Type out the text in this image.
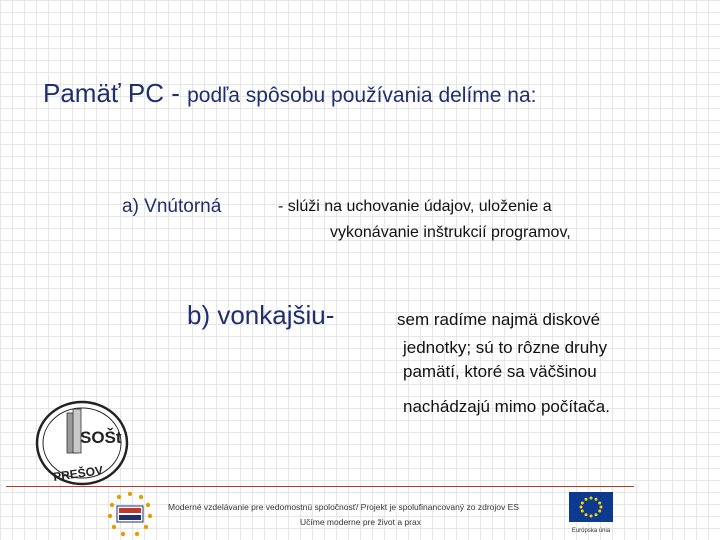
Pamäť PC - podľa spôsobu používania delíme na:
a) Vnútorná	- slúži na uchovanie údajov, uloženie a
vykonávanie inštrukcií programov,
b) vonkajšiu-	sem radíme najmä diskové
jednotky; sú to rôzne druhy
pamätí, ktoré sa väčšinou
nachádzajú mimo počítača.
SOŠt
PREŠOV
Moderné vzdelávanie pre vedomostnú spoločnosť/ Projekt je spolufinancovaný zo zdrojov ES
Učíme moderne pre život a prax
Európska únia
